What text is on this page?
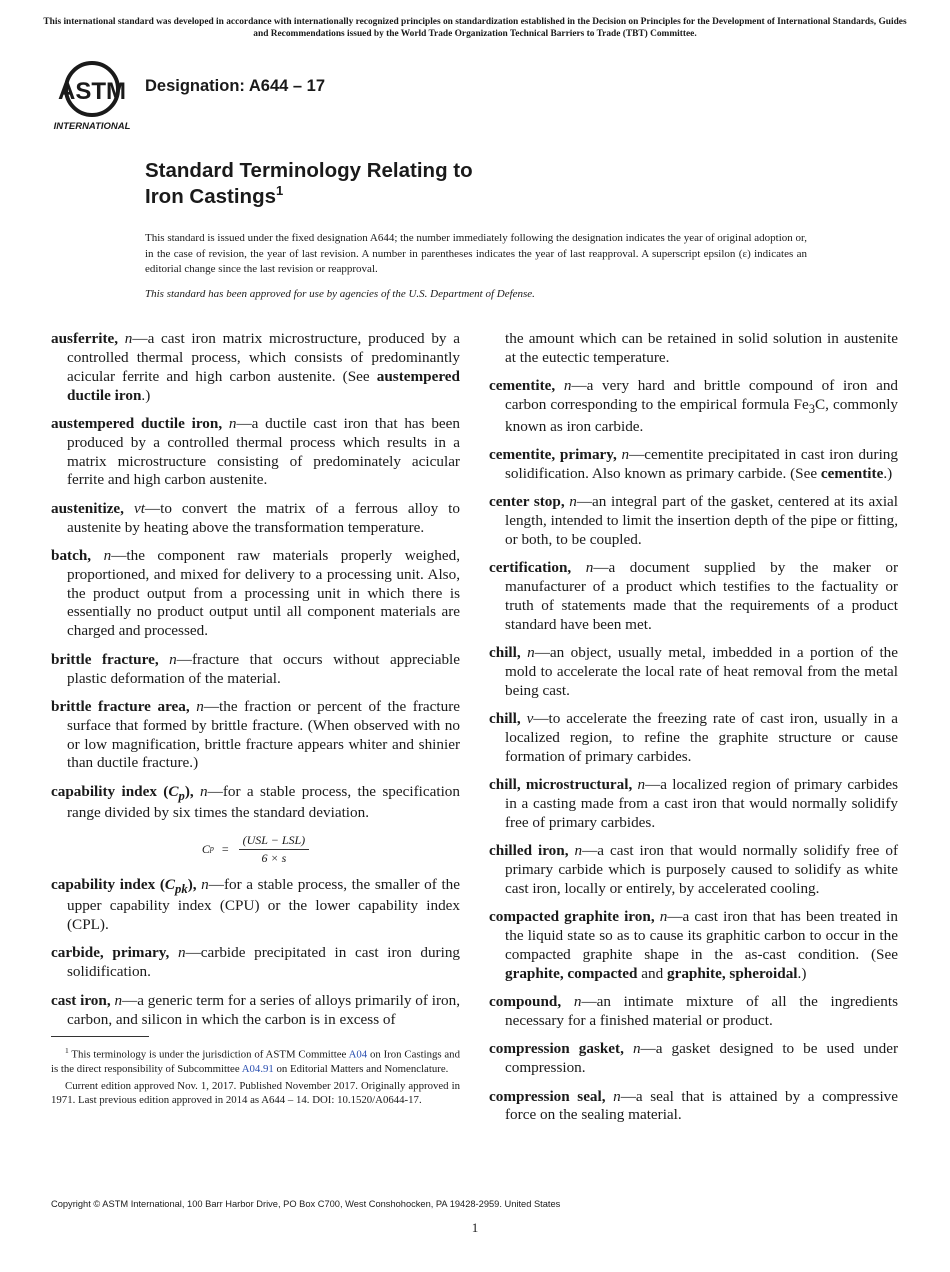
This international standard was developed in accordance with internationally recognized principles on standardization established in the Decision on Principles for the Development of International Standards, Guides and Recommendations issued by the World Trade Organization Technical Barriers to Trade (TBT) Committee.
ASTM
INTERNATIONAL
Designation: A644 – 17
Standard Terminology Relating to
Iron Castings$^1$

This standard is issued under the fixed designation A644; the number immediately following the designation indicates the year of original adoption or, in the case of revision, the year of last revision. A number in parentheses indicates the year of last reapproval. A superscript epsilon (ε) indicates an editorial change since the last revision or reapproval.

This standard has been approved for use by agencies of the U.S. Department of Defense.

ausferrite, n—a cast iron matrix microstructure, produced by a controlled thermal process, which consists of predominantly acicular ferrite and high carbon austenite. (See austempered ductile iron.)

austempered ductile iron, n—a ductile cast iron that has been produced by a controlled thermal process which results in a matrix microstructure consisting of predominately acicular ferrite and high carbon austenite.

austenitize, vt—to convert the matrix of a ferrous alloy to austenite by heating above the transformation temperature.

batch, n—the component raw materials properly weighed, proportioned, and mixed for delivery to a processing unit. Also, the product output from a processing unit in which there is essentially no product output until all component materials are charged and processed.

brittle fracture, n—fracture that occurs without appreciable plastic deformation of the material.

brittle fracture area, n—the fraction or percent of the fracture surface that formed by brittle fracture. (When observed with no or low magnification, brittle fracture appears whiter and shinier than ductile fracture.)

capability index $(C_p)$, n—for a stable process, the specification range divided by six times the standard deviation.

C $p = \frac{\text{(USL − LSL)}}{6 \times s}$

capability index $(C_{pk})$, n—for a stable process, the smaller of the upper capability index (CPU) or the lower capability index (CPL).

carbide, primary, n—carbide precipitated in cast iron during solidification.

cast iron, n—a generic term for a series of alloys primarily of iron, carbon, and silicon in which the carbon is in excess of

$^1$ This terminology is under the jurisdiction of ASTM Committee A04 on Iron Castings and is the direct responsibility of Subcommittee A04.91 on Editorial Matters and Nomenclature.

Current edition approved Nov. 1, 2017. Published November 2017. Originally approved in 1971. Last previous edition approved in 2014 as A644 – 14. DOI: 10.1520/A0644-17.

the amount which can be retained in solid solution in austenite at the eutectic temperature.

cementite, n—a very hard and brittle compound of iron and carbon corresponding to the empirical formula $Fe_3C$, commonly known as iron carbide.

cementite, primary, n—cementite precipitated in cast iron during solidification. Also known as primary carbide. (See cementite.)

center stop, n—an integral part of the gasket, centered at its axial length, intended to limit the insertion depth of the pipe or fitting, or both, to be coupled.

certification, n—a document supplied by the maker or manufacturer of a product which testifies to the factuality or truth of statements made that the requirements of a product standard have been met.

chill, n—an object, usually metal, imbedded in a portion of the mold to accelerate the local rate of heat removal from the metal being cast.

chill, v—to accelerate the freezing rate of cast iron, usually in a localized region, to refine the graphite structure or cause formation of primary carbides.

chill, microstructural, n—a localized region of primary carbides in a casting made from a cast iron that would normally solidify free of primary carbides.

chilled iron, n—a cast iron that would normally solidify free of primary carbide which is purposely caused to solidify as white cast iron, locally or entirely, by accelerated cooling.

compacted graphite iron, n—a cast iron that has been treated in the liquid state so as to cause its graphitic carbon to occur in the compacted graphite shape in the as-cast condition. (See graphite, compacted and graphite, spheroidal.)

compound, n—an intimate mixture of all the ingredients necessary for a finished material or product.

compression gasket, n—a gasket designed to be used under compression.

compression seal, n—a seal that is attained by a compressive force on the sealing material.

Copyright © ASTM International, 100 Barr Harbor Drive, PO Box C700, West Conshohocken, PA 19428-2959. United States
1
